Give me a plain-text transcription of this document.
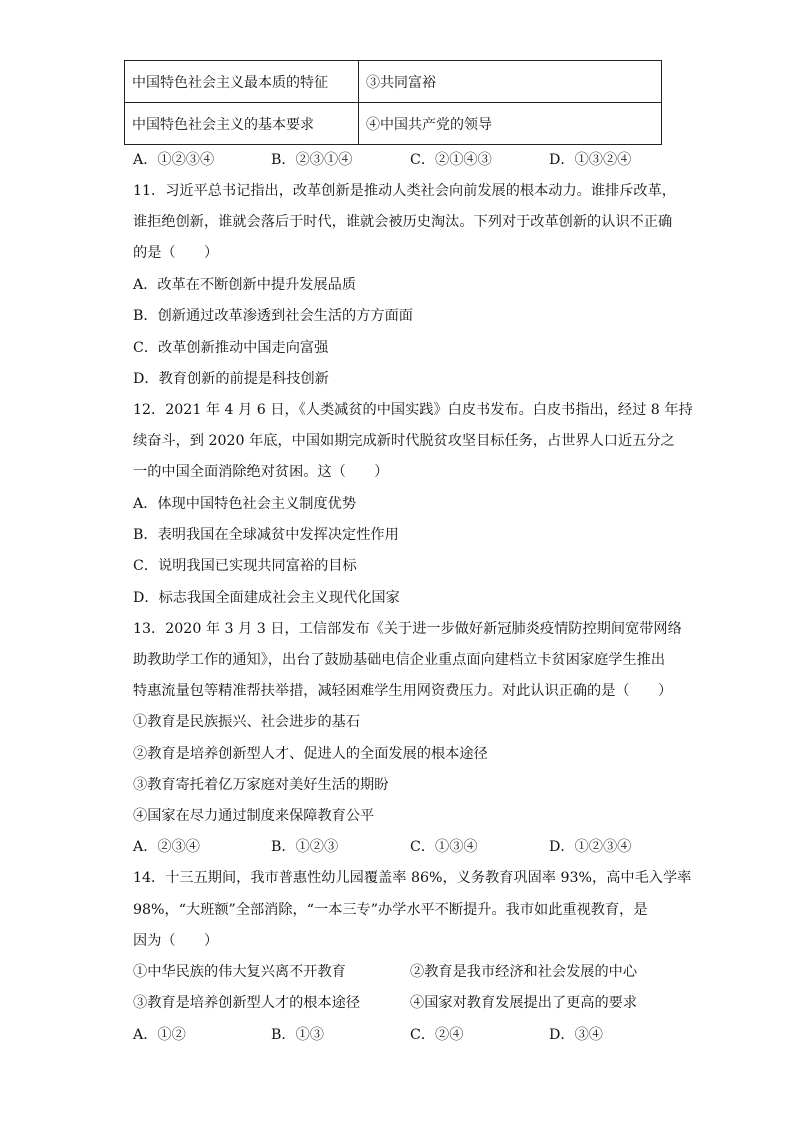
中国特色社会主义最本质的特征	③共同富裕
中国特色社会主义的基本要求	④中国共产党的领导
A．①②③④	B．②③①④	C．②①④③	D．①③②④
11．习近平总书记指出，改革创新是推动人类社会向前发展的根本动力。谁排斥改革，
谁拒绝创新，谁就会落后于时代，谁就会被历史淘汰。下列对于改革创新的认识不正确
的是（　　）
A．改革在不断创新中提升发展品质
B．创新通过改革渗透到社会生活的方方面面
C．改革创新推动中国走向富强
D．教育创新的前提是科技创新
12．2021 年 4 月 6 日，《人类减贫的中国实践》白皮书发布。白皮书指出，经过 8 年持
续奋斗，到 2020 年底，中国如期完成新时代脱贫攻坚目标任务，占世界人口近五分之
一的中国全面消除绝对贫困。这（　　）
A．体现中国特色社会主义制度优势
B．表明我国在全球减贫中发挥决定性作用
C．说明我国已实现共同富裕的目标
D．标志我国全面建成社会主义现代化国家
13．2020 年 3 月 3 日，工信部发布《关于进一步做好新冠肺炎疫情防控期间宽带网络
助教助学工作的通知》，出台了鼓励基础电信企业重点面向建档立卡贫困家庭学生推出
特惠流量包等精准帮扶举措，减轻困难学生用网资费压力。对此认识正确的是（　　）
①教育是民族振兴、社会进步的基石
②教育是培养创新型人才、促进人的全面发展的根本途径
③教育寄托着亿万家庭对美好生活的期盼
④国家在尽力通过制度来保障教育公平
A．②③④	B．①②③	C．①③④	D．①②③④
14．十三五期间，我市普惠性幼儿园覆盖率 86%，义务教育巩固率 93%，高中毛入学率
98%，“大班额”全部消除，“一本三专”办学水平不断提升。我市如此重视教育，是
因为（　　）
①中华民族的伟大复兴离不开教育	②教育是我市经济和社会发展的中心
③教育是培养创新型人才的根本途径	④国家对教育发展提出了更高的要求
A．①②	B．①③	C．②④	D．③④
